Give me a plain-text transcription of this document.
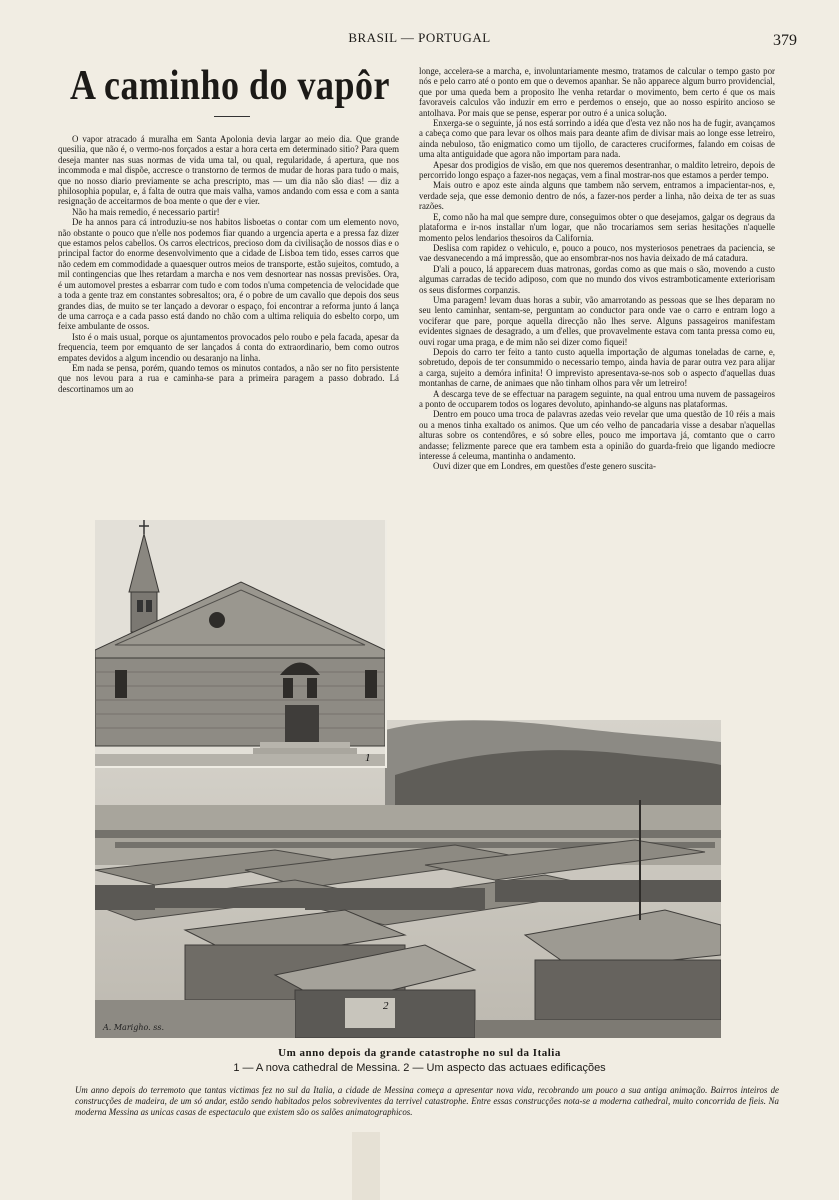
BRASIL — PORTUGAL	379
A caminho do vapôr

O vapor atracado á muralha em Santa Apolonia devia largar ao meio dia. Que grande quesilia, que não é, o vermo-nos forçados a estar a hora certa em determinado sitio? Para quem deseja manter nas suas normas de vida uma tal, ou qual, regularidade, á apertura, que nos incommoda e mal dispõe, accresce o transtorno de termos de mudar de horas para tudo o mais, que no nosso diario previamente se acha prescripto, mas — um dia não são dias! — diz a philosophia popular, e, á falta de outra que mais valha, vamos andando com essa e com a santa resignação de acceitarmos de boa mente o que der e vier.

Não ha mais remedio, é necessario partir!

De ha annos para cá introduziu-se nos habitos lisboetas o contar com um elemento novo, não obstante o pouco que n'elle nos podemos fiar quando a urgencia aperta e a pressa faz dizer que estamos pelos cabellos. Os carros electricos, precioso dom da civilisação de nossos dias e o principal factor do enorme desenvolvimento que a cidade de Lisboa tem tido, esses carros que não cedem em commodidade a quaesquer outros meios de transporte, estão sujeitos, comtudo, a mil contingencias que lhes retardam a marcha e nos vem desnortear nas nossas previsões. Ora, é um automovel prestes a esbarrar com tudo e com todos n'uma competencia de velocidade que a toda a gente traz em constantes sobresaltos; ora, é o pobre de um cavallo que depois dos seus grandes dias, de muito se ter lançado a devorar o espaço, foi encontrar a reforma junto á lança de uma carroça e a cada passo está dando no chão com a ultima reliquia do esbelto corpo, um feixe ambulante de ossos.

Isto é o mais usual, porque os ajuntamentos provocados pelo roubo e pela facada, apesar da frequencia, teem por emquanto de ser lançados á conta do extraordinario, bem como outros empates devidos a algum incendio ou desaranjo na linha.

Em nada se pensa, porém, quando temos os minutos contados, a não ser no fito persistente que nos levou para a rua e caminha-se para a primeira paragem a passo dobrado. Lá descortinamos um ao

longe, accelera-se a marcha, e, involuntariamente mesmo, tratamos de calcular o tempo gasto por nós e pelo carro até o ponto em que o devemos apanhar. Se não apparece algum burro providencial, que por uma queda bem a proposito lhe venha retardar o movimento, bem certo é que os mais favoraveis calculos vão induzir em erro e perdemos o ensejo, que ao nosso espirito ancioso se antolhava. Por mais que se pense, esperar por outro é a unica solução.

Enxerga-se o seguinte, já nos está sorrindo a idéa que d'esta vez não nos ha de fugir, avançamos a cabeça como que para levar os olhos mais para deante afim de divisar mais ao longe esse letreiro, ainda nebuloso, tão enigmatico como um tijollo, de caracteres cruciformes, falando em coisas de uma alta antiguidade que agora não importam para nada.

Apesar dos prodigios de visão, em que nos queremos desentranhar, o maldito letreiro, depois de percorrido longo espaço a fazer-nos negaças, vem a final mostrar-nos que estamos a perder tempo.

Mais outro e apoz este ainda alguns que tambem não servem, entramos a impacientar-nos, e, verdade seja, que esse demonio dentro de nós, a fazer-nos perder a linha, não deixa de ter as suas razões.

E, como não ha mal que sempre dure, conseguimos obter o que desejamos, galgar os degraus da plataforma e ir-nos installar n'um logar, que não trocariamos sem serias hesitações n'aquelle momento pelos lendarios thesoiros da California.

Deslisa com rapidez o vehiculo, e, pouco a pouco, nos mysteriosos penetraes da paciencia, se vae desvanecendo a má impressão, que ao ensombrar-nos nos havia deixado de má catadura.

D'ali a pouco, lá apparecem duas matronas, gordas como as que mais o são, movendo a custo algumas carradas de tecido adiposo, com que no mundo dos vivos estramboticamente exteriorisam os seus disformes corpanzis.

Uma paragem! levam duas horas a subir, vão amarrotando as pessoas que se lhes deparam no seu lento caminhar, sentam-se, perguntam ao conductor para onde vae o carro e entram logo a vociferar que pare, porque aquella direcção não lhes serve. Alguns passageiros manifestam evidentes signaes de desagrado, a um d'elles, que provavelmente estava com tanta pressa como eu, ouvi rogar uma praga, e de mim não sei dizer como fiquei!

Depois do carro ter feito a tanto custo aquella importação de algumas toneladas de carne, e, sobretudo, depois de ter consummido o necessario tempo, ainda havia de parar outra vez para alijar a carga, sujeito a demóra infinita! O imprevisto apresentava-se-nos sob o aspecto d'aquellas duas montanhas de carne, de animaes que não tinham olhos para vêr um letreiro!

A descarga teve de se effectuar na paragem seguinte, na qual entrou uma nuvem de passageiros a ponto de occuparem todos os logares devoluto, apinhando-se alguns nas plataformas.

Dentro em pouco uma troca de palavras azedas veio revelar que uma questão de 10 réis a mais ou a menos tinha exaltado os animos. Que um céo velho de pancadaria visse a desabar n'aquellas alturas sobre os contendôres, e só sobre elles, pouco me importava já, comtanto que o carro andasse; felizmente parece que era tambem esta a opinião do guarda-freio que ligando mediocre interesse á celeuma, mantinha o andamento.

Ouvi dizer que em Londres, em questões d'este genero suscita-

2
A. Marigho. ss.
1
Um anno depois da grande catastrophe no sul da Italia
1 — A nova cathedral de Messina. 2 — Um aspecto das actuaes edificações
Um anno depois do terremoto que tantas victimas fez no sul da Italia, a cidade de Messina começa a apresentar nova vida, recobrando um pouco a sua antiga animação. Bairros inteiros de construcções de madeira, de um só andar, estão sendo habitados pelos sobreviventes da terrivel catastrophe. Entre essas construcções nota-se a moderna cathedral, muito concorrida de fieis. Na moderna Messina as unicas casas de espectaculo que existem são os salões animatographicos.
